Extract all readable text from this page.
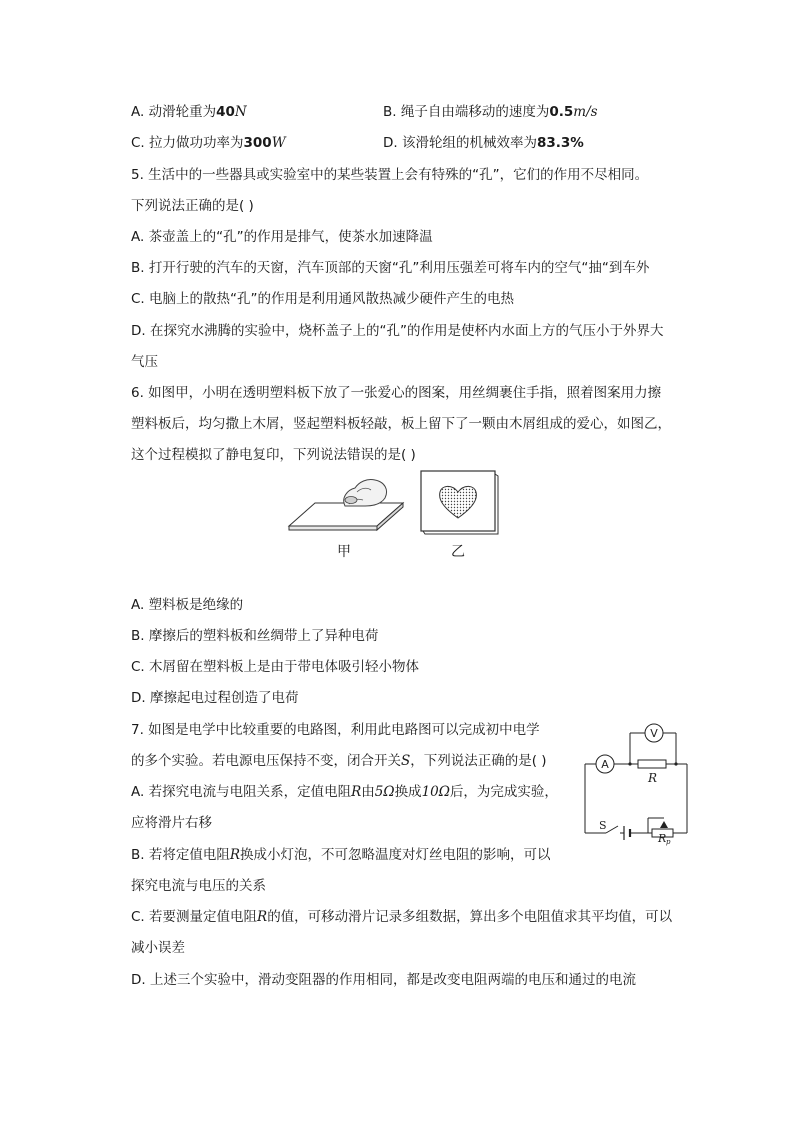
A. 动滑轮重为40N	B. 绳子自由端移动的速度为0.5m/s
C. 拉力做功功率为300W	D. 该滑轮组的机械效率为83.3%
5. 生活中的一些器具或实验室中的某些装置上会有特殊的“孔”，它们的作用不尽相同。
下列说法正确的是( )
A. 茶壶盖上的“孔”的作用是排气，使茶水加速降温
B. 打开行驶的汽车的天窗，汽车顶部的天窗“孔”利用压强差可将车内的空气“抽“到车外
C. 电脑上的散热“孔”的作用是利用通风散热减少硬件产生的电热
D. 在探究水沸腾的实验中，烧杯盖子上的“孔”的作用是使杯内水面上方的气压小于外界大
气压
6. 如图甲，小明在透明塑料板下放了一张爱心的图案，用丝绸裹住手指，照着图案用力擦
塑料板后，均匀撒上木屑，竖起塑料板轻敲，板上留下了一颗由木屑组成的爱心，如图乙，
这个过程模拟了静电复印，下列说法错误的是( )
甲	乙
A. 塑料板是绝缘的
B. 摩擦后的塑料板和丝绸带上了异种电荷
C. 木屑留在塑料板上是由于带电体吸引轻小物体
D. 摩擦起电过程创造了电荷
7. 如图是电学中比较重要的电路图，利用此电路图可以完成初中电学
的多个实验。若电源电压保持不变，闭合开关S，下列说法正确的是( )
A. 若探究电流与电阻关系，定值电阻R由5Ω换成10Ω后，为完成实验，
应将滑片右移
B. 若将定值电阻R换成小灯泡，不可忽略温度对灯丝电阻的影响，可以
探究电流与电压的关系
C. 若要测量定值电阻R的值，可移动滑片记录多组数据，算出多个电阻值求其平均值，可以
减小误差
D. 上述三个实验中，滑动变阻器的作用相同，都是改变电阻两端的电压和通过的电流
V
A
R
S
R p
